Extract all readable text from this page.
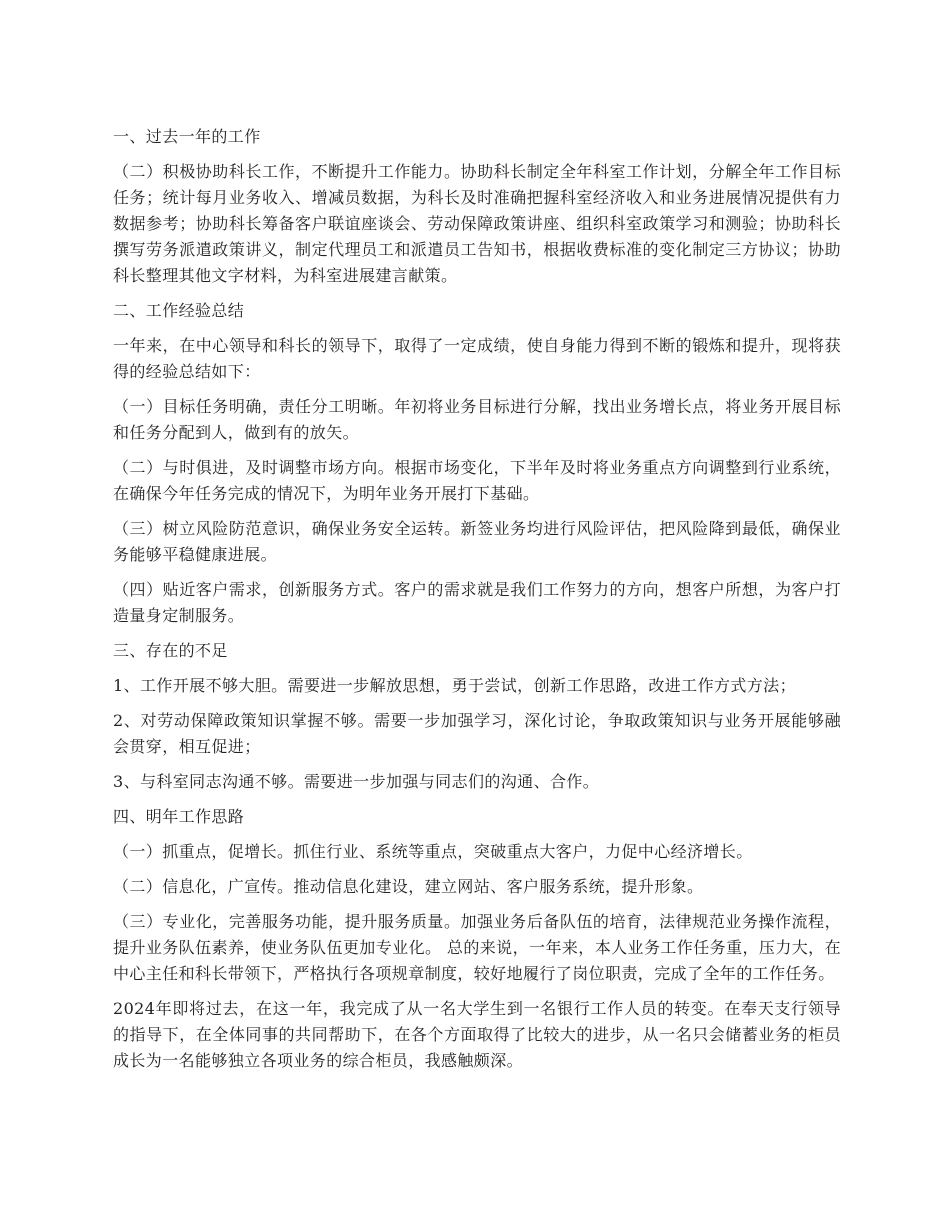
一、过去一年的工作
（二）积极协助科长工作，不断提升工作能力。协助科长制定全年科室工作计划，分解全年工作目标任务；统计每月业务收入、增减员数据，为科长及时准确把握科室经济收入和业务进展情况提供有力数据参考；协助科长筹备客户联谊座谈会、劳动保障政策讲座、组织科室政策学习和测验；协助科长撰写劳务派遣政策讲义，制定代理员工和派遣员工告知书，根据收费标准的变化制定三方协议；协助科长整理其他文字材料，为科室进展建言献策。
二、工作经验总结
一年来，在中心领导和科长的领导下，取得了一定成绩，使自身能力得到不断的锻炼和提升，现将获得的经验总结如下：
（一）目标任务明确，责任分工明晰。年初将业务目标进行分解，找出业务增长点，将业务开展目标和任务分配到人，做到有的放矢。
（二）与时俱进，及时调整市场方向。根据市场变化，下半年及时将业务重点方向调整到行业系统，在确保今年任务完成的情况下，为明年业务开展打下基础。
（三）树立风险防范意识，确保业务安全运转。新签业务均进行风险评估，把风险降到最低，确保业务能够平稳健康进展。
（四）贴近客户需求，创新服务方式。客户的需求就是我们工作努力的方向，想客户所想，为客户打造量身定制服务。
三、存在的不足
1、工作开展不够大胆。需要进一步解放思想，勇于尝试，创新工作思路，改进工作方式方法；
2、对劳动保障政策知识掌握不够。需要一步加强学习，深化讨论，争取政策知识与业务开展能够融会贯穿，相互促进；
3、与科室同志沟通不够。需要进一步加强与同志们的沟通、合作。
四、明年工作思路
（一）抓重点，促增长。抓住行业、系统等重点，突破重点大客户，力促中心经济增长。
（二）信息化，广宣传。推动信息化建设，建立网站、客户服务系统，提升形象。
（三）专业化，完善服务功能，提升服务质量。加强业务后备队伍的培育，法律规范业务操作流程，提升业务队伍素养，使业务队伍更加专业化。 总的来说，一年来，本人业务工作任务重，压力大，在中心主任和科长带领下，严格执行各项规章制度，较好地履行了岗位职责，完成了全年的工作任务。
2024年即将过去，在这一年，我完成了从一名大学生到一名银行工作人员的转变。在奉天支行领导的指导下，在全体同事的共同帮助下，在各个方面取得了比较大的进步，从一名只会储蓄业务的柜员成长为一名能够独立各项业务的综合柜员，我感触颇深。
